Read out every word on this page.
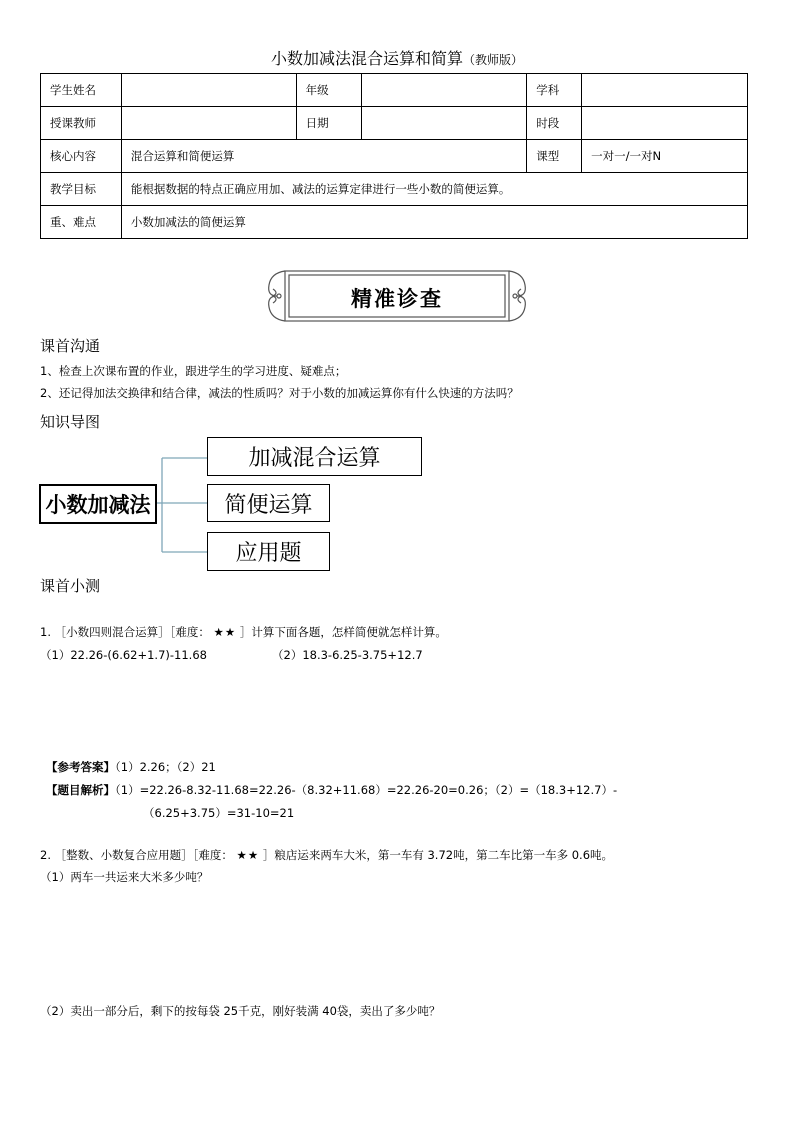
小数加减法混合运算和简算（教师版）
学生姓名		年级		学科	
授课教师		日期		时段	
核心内容	混合运算和简便运算			课型	一对一/一对N
教学目标	能根据数据的特点正确应用加、减法的运算定律进行一些小数的简便运算。				
重、难点	小数加减法的简便运算				
精准诊查
课首沟通
1、检查上次课布置的作业，跟进学生的学习进度、疑难点；
2、还记得加法交换律和结合律，减法的性质吗？对于小数的加减运算你有什么快速的方法吗？
知识导图
小数加减法
加减混合运算
简便运算
应用题
课首小测
1. ［小数四则混合运算］［难度： ★★ ］计算下面各题，怎样简便就怎样计算。
（1）22.26-(6.62+1.7)-11.68	（2）18.3-6.25-3.75+12.7
【参考答案】（1）2.26；（2）21
【题目解析】（1）=22.26-8.32-11.68=22.26-（8.32+11.68）=22.26-20=0.26；（2）=（18.3+12.7）-
（6.25+3.75）=31-10=21
2. ［整数、小数复合应用题］［难度： ★★ ］粮店运来两车大米，第一车有 3.72吨，第二车比第一车多 0.6吨。
（1）两车一共运来大米多少吨？
（2）卖出一部分后，剩下的按每袋 25千克，刚好装满 40袋，卖出了多少吨？
